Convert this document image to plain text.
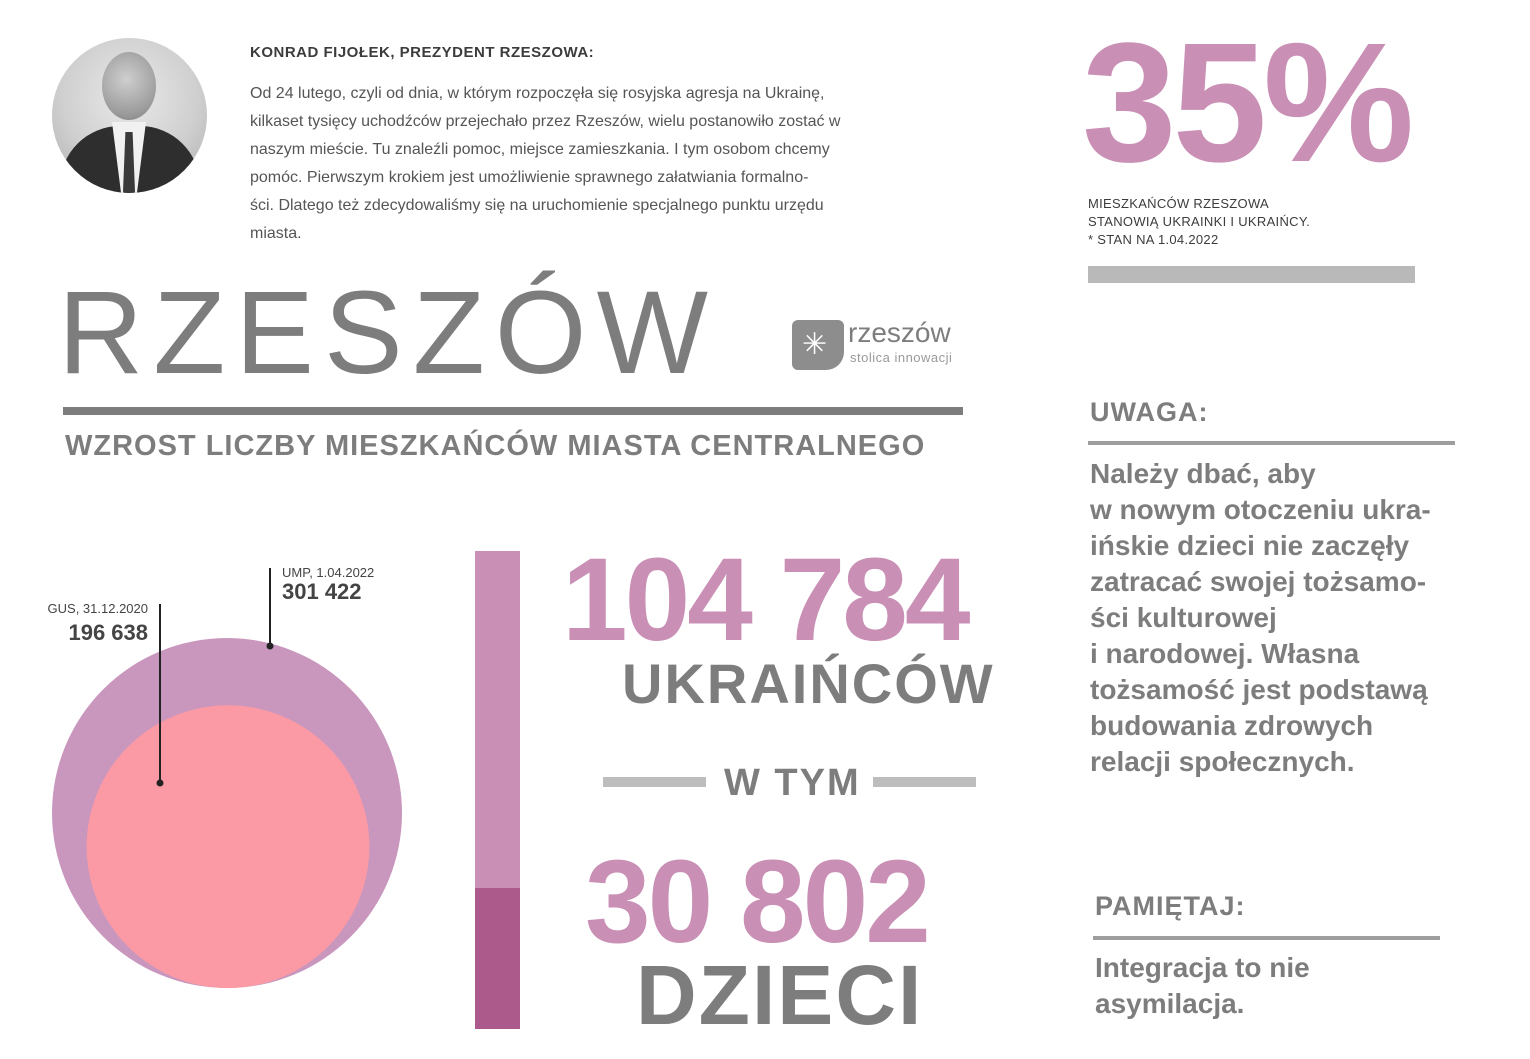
KONRAD FIJOŁEK, PREZYDENT RZESZOWA:
Od 24 lutego, czyli od dnia, w którym rozpoczęła się rosyjska agresja na Ukrainę,
kilkaset tysięcy uchodźców przejechało przez Rzeszów, wielu postanowiło zostać w
naszym mieście. Tu znaleźli pomoc, miejsce zamieszkania. I tym osobom chcemy
pomóc. Pierwszym krokiem jest umożliwienie sprawnego załatwiania formalno-
ści. Dlatego też zdecydowaliśmy się na uruchomienie specjalnego punktu urzędu
miasta.
35%
MIESZKAŃCÓW RZESZOWA
STANOWIĄ UKRAINKI I UKRAIŃCY.
* STAN NA 1.04.2022
RZESZÓW	✳ rzeszów
stolica innowacji
WZROST LICZBY MIESZKAŃCÓW MIASTA CENTRALNEGO
UMP, 1.04.2022
301 422
GUS, 31.12.2020
196 638	104 784
UKRAIŃCÓW
W TYM
30 802
DZIECI
UWAGA:
Należy dbać, aby
w nowym otoczeniu ukra-
ińskie dzieci nie zaczęły
zatracać swojej tożsamo-
ści kulturowej
i narodowej. Własna
tożsamość jest podstawą
budowania zdrowych
relacji społecznych.
PAMIĘTAJ:
Integracja to nie
asymilacja.
